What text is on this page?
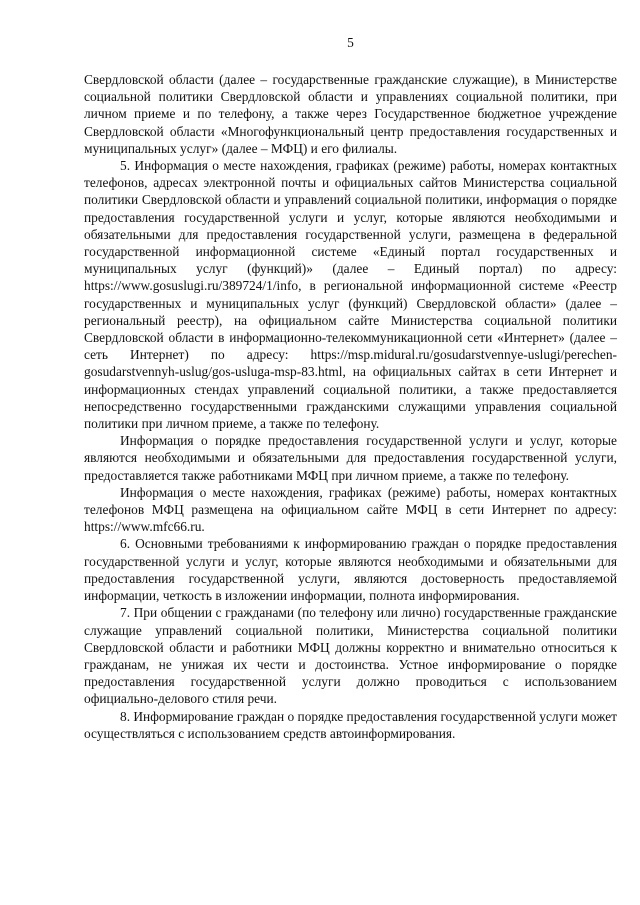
5

Свердловской области (далее – государственные гражданские служащие), в Министерстве социальной политики Свердловской области и управлениях социальной политики, при личном приеме и по телефону, а также через Государственное бюджетное учреждение Свердловской области «Многофункциональный центр предоставления государственных и муниципальных услуг» (далее – МФЦ) и его филиалы.

5. Информация о месте нахождения, графиках (режиме) работы, номерах контактных телефонов, адресах электронной почты и официальных сайтов Министерства социальной политики Свердловской области и управлений социальной политики, информация о порядке предоставления государственной услуги и услуг, которые являются необходимыми и обязательными для предоставления государственной услуги, размещена в федеральной государственной информационной системе «Единый портал государственных и муниципальных услуг (функций)» (далее – Единый портал) по адресу: https://www.gosuslugi.ru/389724/1/info, в региональной информационной системе «Реестр государственных и муниципальных услуг (функций) Свердловской области» (далее – региональный реестр), на официальном сайте Министерства социальной политики Свердловской области в информационно-телекоммуникационной сети «Интернет» (далее – сеть Интернет) по адресу: https://msp.midural.ru/gosudarstvennye-uslugi/perechen-gosudarstvennyh-uslug/gos-usluga-msp-83.html, на официальных сайтах в сети Интернет и информационных стендах управлений социальной политики, а также предоставляется непосредственно государственными гражданскими служащими управления социальной политики при личном приеме, а также по телефону.

Информация о порядке предоставления государственной услуги и услуг, которые являются необходимыми и обязательными для предоставления государственной услуги, предоставляется также работниками МФЦ при личном приеме, а также по телефону.

Информация о месте нахождения, графиках (режиме) работы, номерах контактных телефонов МФЦ размещена на официальном сайте МФЦ в сети Интернет по адресу: https://www.mfc66.ru.

6. Основными требованиями к информированию граждан о порядке предоставления государственной услуги и услуг, которые являются необходимыми и обязательными для предоставления государственной услуги, являются достоверность предоставляемой информации, четкость в изложении информации, полнота информирования.

7. При общении с гражданами (по телефону или лично) государственные гражданские служащие управлений социальной политики, Министерства социальной политики Свердловской области и работники МФЦ должны корректно и внимательно относиться к гражданам, не унижая их чести и достоинства. Устное информирование о порядке предоставления государственной услуги должно проводиться с использованием официально-делового стиля речи.

8. Информирование граждан о порядке предоставления государственной услуги может осуществляться с использованием средств автоинформирования.
